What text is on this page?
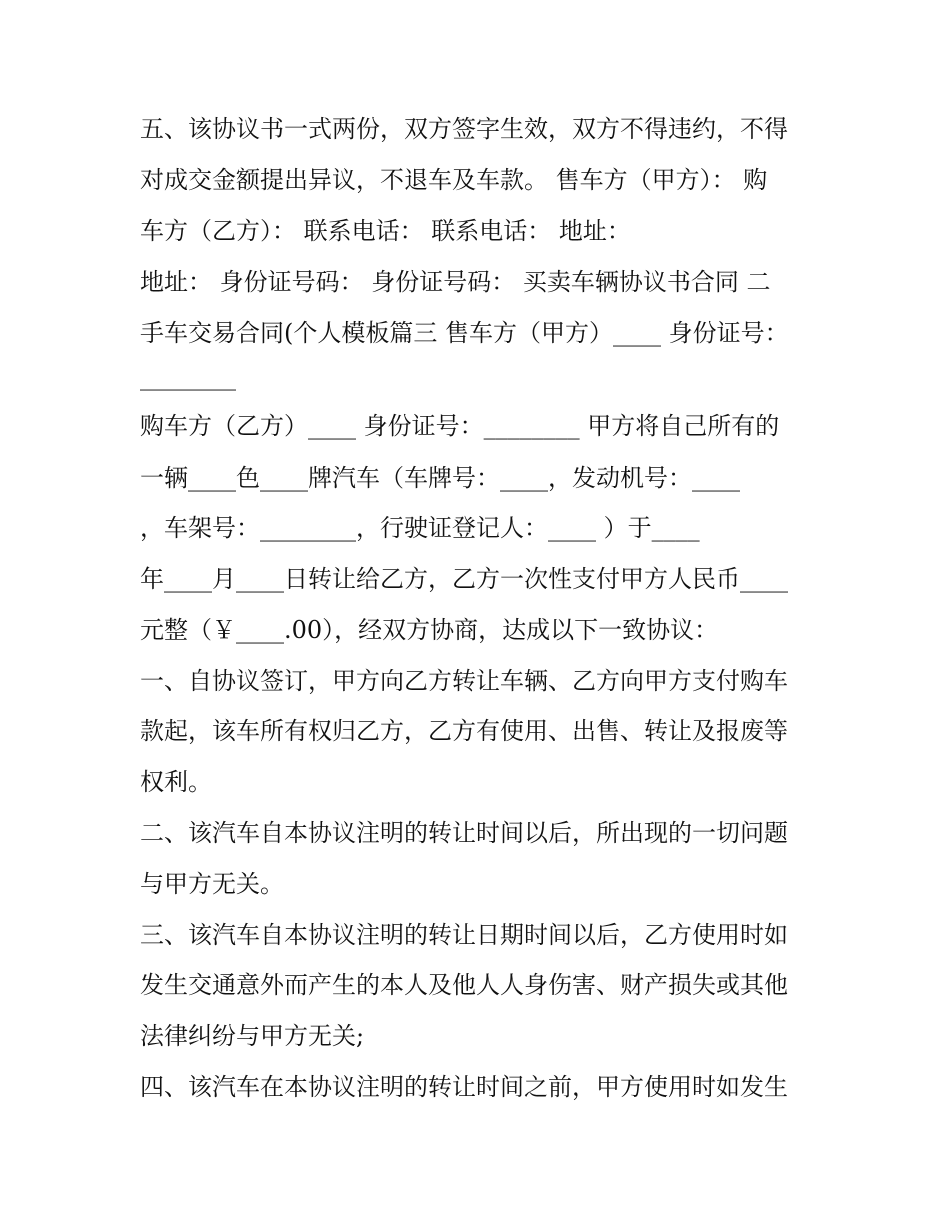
五、该协议书一式两份，双方签字生效，双方不得违约，不得
对成交金额提出异议，不退车及车款。 售车方（甲方）： 购
车方（乙方）： 联系电话： 联系电话： 地址：
地址： 身份证号码： 身份证号码： 买卖车辆协议书合同 二
手车交易合同(个人模板篇三 售车方（甲方）____ 身份证号：
________
购车方（乙方）____ 身份证号：________ 甲方将自己所有的
一辆____色____牌汽车（车牌号：____，发动机号：____
，车架号：________，行驶证登记人：____ ）于____
年____月____日转让给乙方，乙方一次性支付甲方人民币____
元整（￥____.00），经双方协商，达成以下一致协议：
一、自协议签订，甲方向乙方转让车辆、乙方向甲方支付购车
款起，该车所有权归乙方，乙方有使用、出售、转让及报废等
权利。
二、该汽车自本协议注明的转让时间以后，所出现的一切问题
与甲方无关。
三、该汽车自本协议注明的转让日期时间以后，乙方使用时如
发生交通意外而产生的本人及他人人身伤害、财产损失或其他
法律纠纷与甲方无关;
四、该汽车在本协议注明的转让时间之前，甲方使用时如发生
